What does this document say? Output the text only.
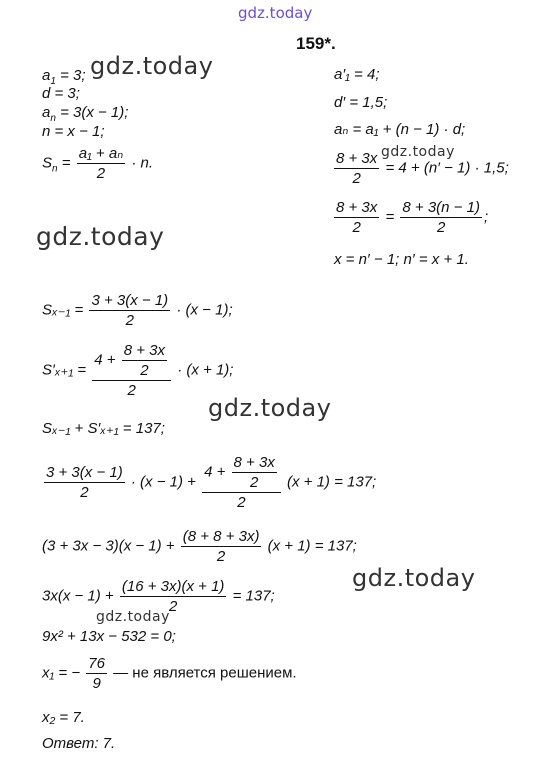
gdz.today
159*.
$a_1 = 3$; gdz.today
d = 3;
$a_n = 3(x - 1)$;
n = x − 1;
$S_n = \frac{\text{a₁ + aₙ}}{2} \cdot n$.
gdz.today
a′₁ = 4;
d′ = 1,5;
aₙ = a₁ + (n − 1) · d;
$\frac{8 + 3x}{2} = 4 + (n' - 1) \cdot 1,5$;
gdz.today
$\frac{8 + 3x}{2} = \frac{8 + 3(n - 1)}{2}$ ;
x = n′ − 1; n′ = x + 1.
$S_{x-1} = \frac{3 + 3(x - 1)}{2} \cdot (x - 1)$;
$S'_{x+1} = \frac{4 + \frac{8 + 3x}{2}}{2} \cdot (x + 1)$;
gdz.today
Sₓ₋₁ + S′ₓ₊₁ = 137;
$\frac{3 + 3(x - 1)}{2} \cdot (x - 1) + \frac{4 + \frac{8 + 3x}{2}}{2} (x + 1) = 137$;
$(3 + 3x - 3)(x - 1) + \frac{(8 + 8 + 3x)}{2} (x + 1) = 137$;
gdz.today
$3x(x - 1) + \frac{(16 + 3x)(x + 1)}{2} = 137$;
gdz.today
9x² + 13x − 532 = 0;
x₁ = − $\frac{76}{9}$ — не является решением.
x₂ = 7.
Ответ: 7.
